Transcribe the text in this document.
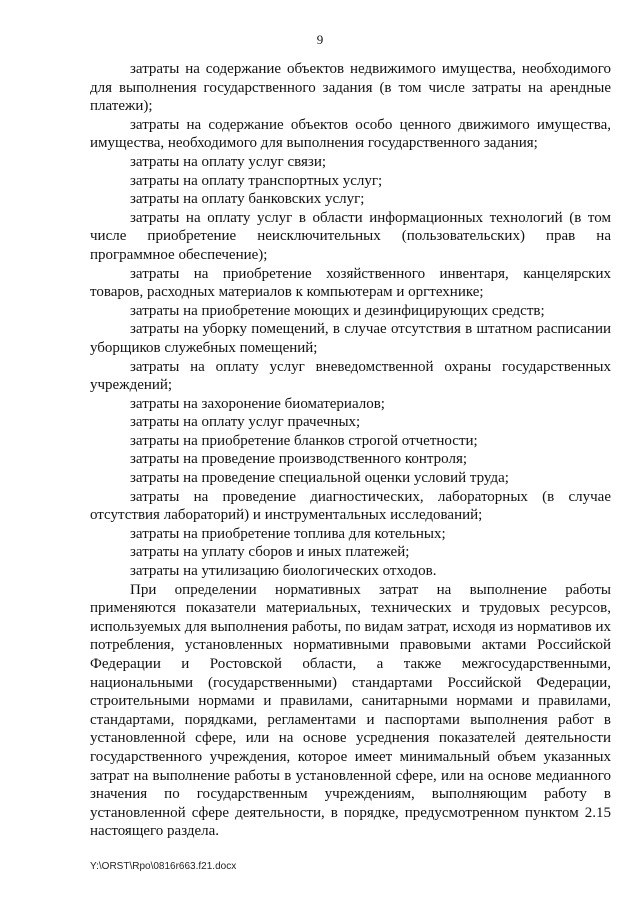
9

затраты на содержание объектов недвижимого имущества, необходимого для выполнения государственного задания (в том числе затраты на арендные платежи);

затраты на содержание объектов особо ценного движимого имущества, имущества, необходимого для выполнения государственного задания;

затраты на оплату услуг связи;

затраты на оплату транспортных услуг;

затраты на оплату банковских услуг;

затраты на оплату услуг в области информационных технологий (в том числе приобретение неисключительных (пользовательских) прав на программное обеспечение);

затраты на приобретение хозяйственного инвентаря, канцелярских товаров, расходных материалов к компьютерам и оргтехнике;

затраты на приобретение моющих и дезинфицирующих средств;

затраты на уборку помещений, в случае отсутствия в штатном расписании уборщиков служебных помещений;

затраты на оплату услуг вневедомственной охраны государственных учреждений;

затраты на захоронение биоматериалов;

затраты на оплату услуг прачечных;

затраты на приобретение бланков строгой отчетности;

затраты на проведение производственного контроля;

затраты на проведение специальной оценки условий труда;

затраты на проведение диагностических, лабораторных (в случае отсутствия лабораторий) и инструментальных исследований;

затраты на приобретение топлива для котельных;

затраты на уплату сборов и иных платежей;

затраты на утилизацию биологических отходов.

При определении нормативных затрат на выполнение работы применяются показатели материальных, технических и трудовых ресурсов, используемых для выполнения работы, по видам затрат, исходя из нормативов их потребления, установленных нормативными правовыми актами Российской Федерации и Ростовской области, а также межгосударственными, национальными (государственными) стандартами Российской Федерации, строительными нормами и правилами, санитарными нормами и правилами, стандартами, порядками, регламентами и паспортами выполнения работ в установленной сфере, или на основе усреднения показателей деятельности государственного учреждения, которое имеет минимальный объем указанных затрат на выполнение работы в установленной сфере, или на основе медианного значения по государственным учреждениям, выполняющим работу в установленной сфере деятельности, в порядке, предусмотренном пунктом 2.15 настоящего раздела.

Y:\ORST\Rpo\0816r663.f21.docx
